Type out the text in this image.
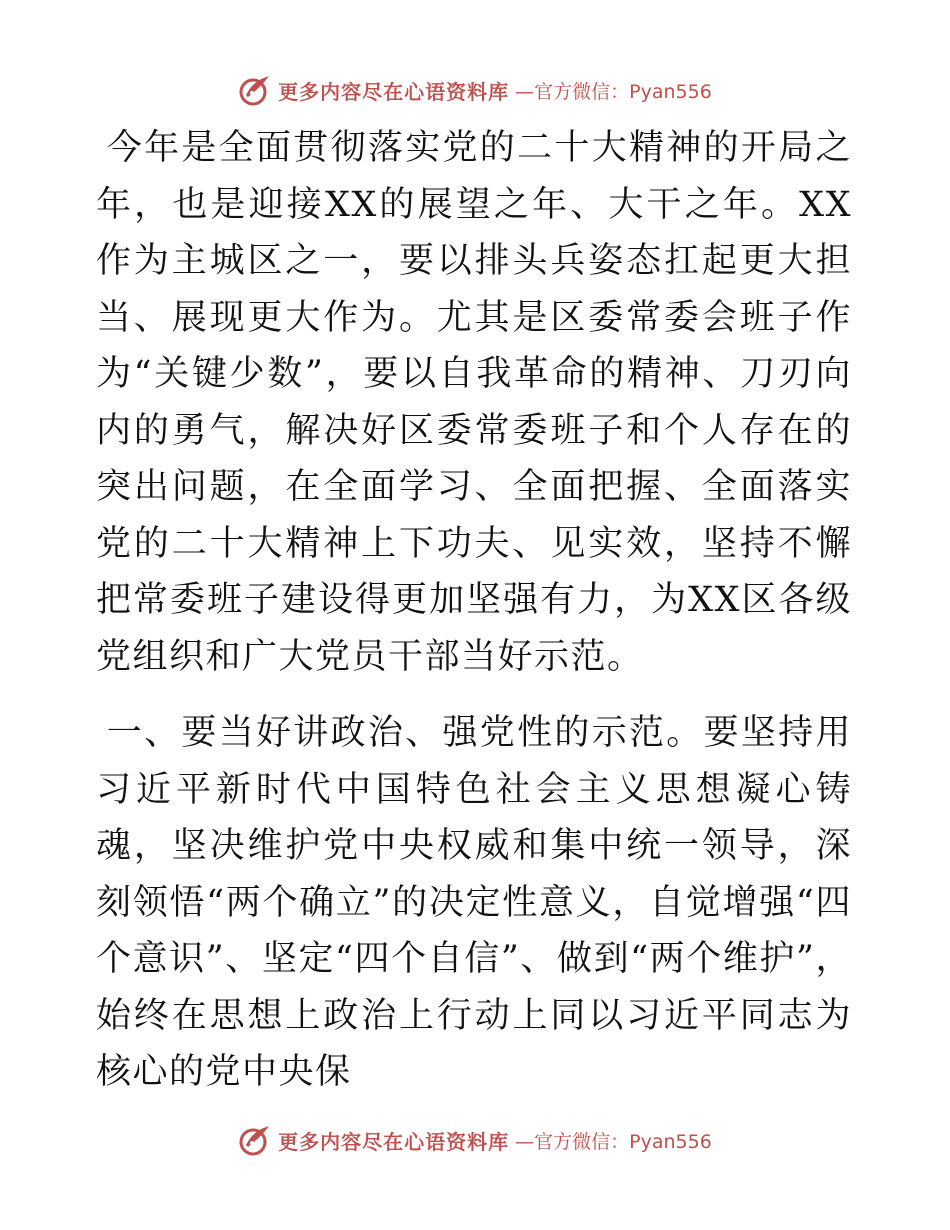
更多内容尽在心语资料库 —官方微信：Pyan556

今年是全面贯彻落实党的二十大精神的开局之年，也是迎接XX的展望之年、大干之年。XX作为主城区之一，要以排头兵姿态扛起更大担当、展现更大作为。尤其是区委常委会班子作为“关键少数”，要以自我革命的精神、刀刃向内的勇气，解决好区委常委班子和个人存在的突出问题，在全面学习、全面把握、全面落实党的二十大精神上下功夫、见实效，坚持不懈把常委班子建设得更加坚强有力，为XX区各级党组织和广大党员干部当好示范。

一、要当好讲政治、强党性的示范。要坚持用习近平新时代中国特色社会主义思想凝心铸魂，坚决维护党中央权威和集中统一领导，深刻领悟“两个确立”的决定性意义，自觉增强“四个意识”、坚定“四个自信”、做到“两个维护”，始终在思想上政治上行动上同以习近平同志为核心的党中央保

更多内容尽在心语资料库 —官方微信：Pyan556
